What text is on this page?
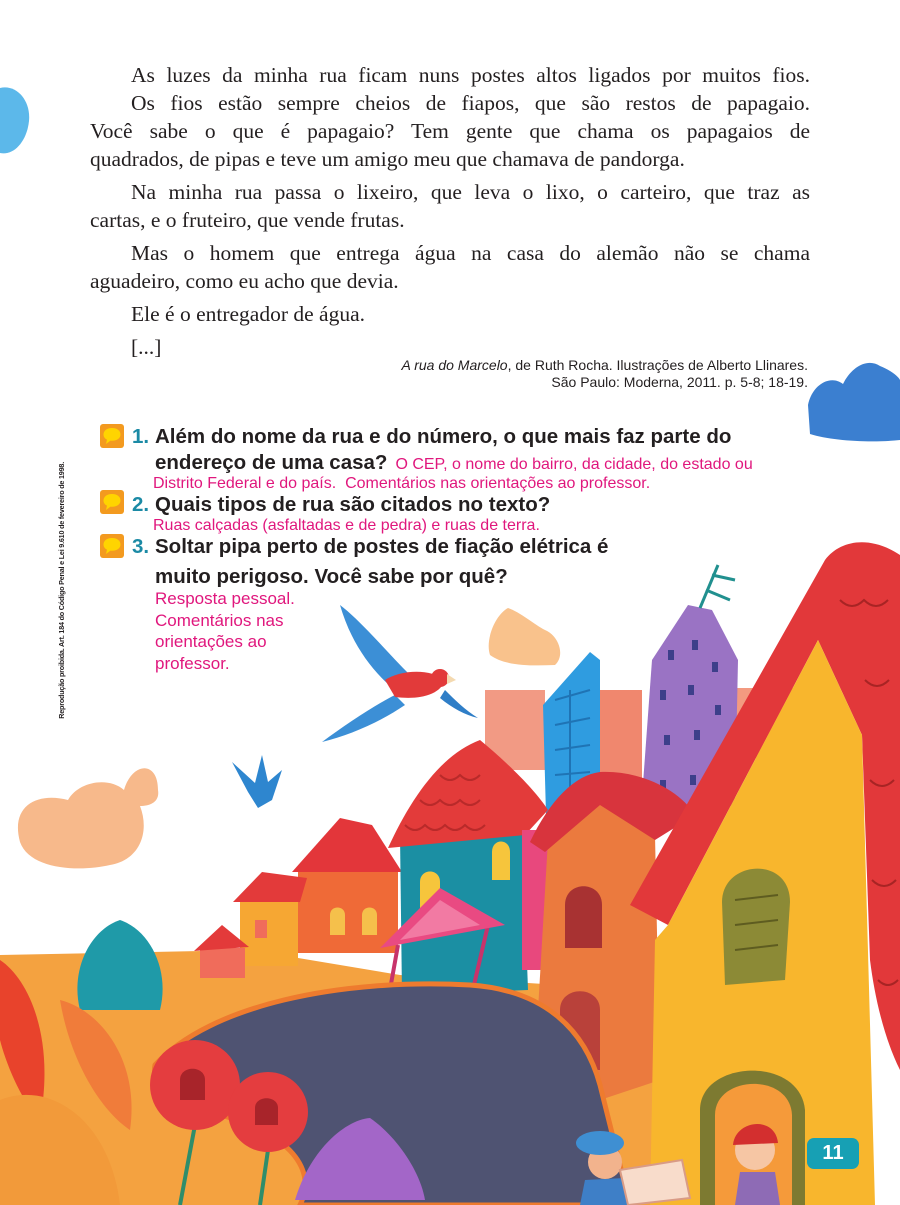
As luzes da minha rua ficam nuns postes altos ligados por muitos fios.

Os fios estão sempre cheios de fiapos, que são restos de papagaio.
Você sabe o que é papagaio? Tem gente que chama os papagaios de
quadrados, de pipas e teve um amigo meu que chamava de pandorga.

Na minha rua passa o lixeiro, que leva o lixo, o carteiro, que traz as
cartas, e o fruteiro, que vende frutas.

Mas o homem que entrega água na casa do alemão não se chama
aguadeiro, como eu acho que devia.

Ele é o entregador de água.

[...]

A rua do Marcelo, de Ruth Rocha. Ilustrações de Alberto Llinares.
São Paulo: Moderna, 2011. p. 5-8; 18-19.
1. Além do nome da rua e do número, o que mais faz parte do
endereço de uma casa? O CEP, o nome do bairro, da cidade, do estado ou
Distrito Federal e do país.  Comentários nas orientações ao professor.
2. Quais tipos de rua são citados no texto?
Ruas calçadas (asfaltadas e de pedra) e ruas de terra.
3. Soltar pipa perto de postes de fiação elétrica é
muito perigoso. Você sabe por quê?
Resposta pessoal.
Comentários nas
orientações ao
professor.
Reprodução proibida. Art. 184 do Código Penal e Lei 9.610 de fevereiro de 1998.
11
